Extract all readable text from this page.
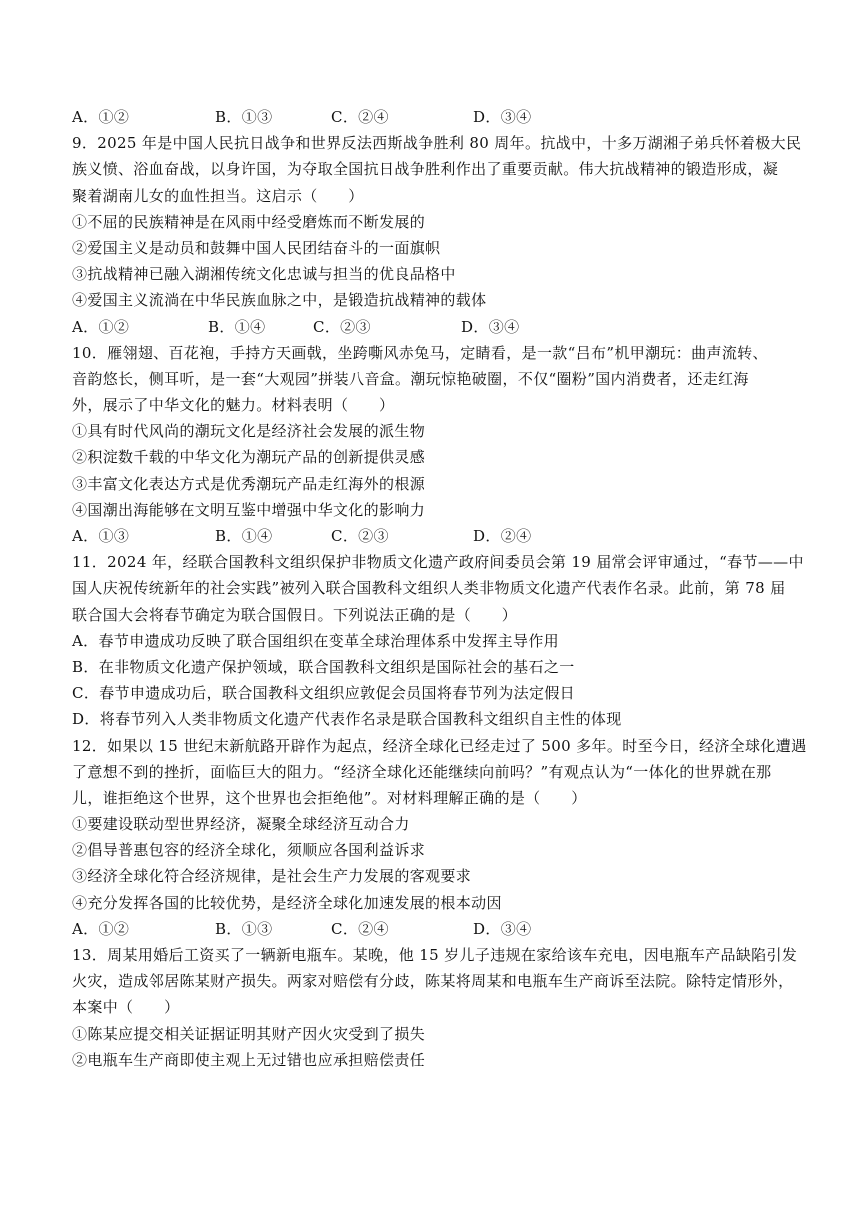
A．①②	B．①③	C．②④	D．③④
9．2025 年是中国人民抗日战争和世界反法西斯战争胜利 80 周年。抗战中，十多万湖湘子弟兵怀着极大民
族义愤、浴血奋战，以身许国，为夺取全国抗日战争胜利作出了重要贡献。伟大抗战精神的锻造形成，凝
聚着湖南儿女的血性担当。这启示（　　）
①不屈的民族精神是在风雨中经受磨炼而不断发展的
②爱国主义是动员和鼓舞中国人民团结奋斗的一面旗帜
③抗战精神已融入湖湘传统文化忠诚与担当的优良品格中
④爱国主义流淌在中华民族血脉之中，是锻造抗战精神的载体
A．①②	B．①④	C．②③	D．③④
10．雁翎翅、百花袍，手持方天画戟，坐跨嘶风赤兔马，定睛看，是一款“吕布”机甲潮玩：曲声流转、
音韵悠长，侧耳听，是一套“大观园”拼装八音盒。潮玩惊艳破圈，不仅“圈粉”国内消费者，还走红海
外，展示了中华文化的魅力。材料表明（　　）
①具有时代风尚的潮玩文化是经济社会发展的派生物
②积淀数千载的中华文化为潮玩产品的创新提供灵感
③丰富文化表达方式是优秀潮玩产品走红海外的根源
④国潮出海能够在文明互鉴中增强中华文化的影响力
A．①③	B．①④	C．②③	D．②④
11．2024 年，经联合国教科文组织保护非物质文化遗产政府间委员会第 19 届常会评审通过，“春节——中
国人庆祝传统新年的社会实践”被列入联合国教科文组织人类非物质文化遗产代表作名录。此前，第 78 届
联合国大会将春节确定为联合国假日。下列说法正确的是（　　）
A．春节申遗成功反映了联合国组织在变革全球治理体系中发挥主导作用
B．在非物质文化遗产保护领域，联合国教科文组织是国际社会的基石之一
C．春节申遗成功后，联合国教科文组织应敦促会员国将春节列为法定假日
D．将春节列入人类非物质文化遗产代表作名录是联合国教科文组织自主性的体现
12．如果以 15 世纪末新航路开辟作为起点，经济全球化已经走过了 500 多年。时至今日，经济全球化遭遇
了意想不到的挫折，面临巨大的阻力。“经济全球化还能继续向前吗？”有观点认为“一体化的世界就在那
儿，谁拒绝这个世界，这个世界也会拒绝他”。对材料理解正确的是（　　）
①要建设联动型世界经济，凝聚全球经济互动合力
②倡导普惠包容的经济全球化，须顺应各国利益诉求
③经济全球化符合经济规律，是社会生产力发展的客观要求
④充分发挥各国的比较优势，是经济全球化加速发展的根本动因
A．①②	B．①③	C．②④	D．③④
13．周某用婚后工资买了一辆新电瓶车。某晚，他 15 岁儿子违规在家给该车充电，因电瓶车产品缺陷引发
火灾，造成邻居陈某财产损失。两家对赔偿有分歧，陈某将周某和电瓶车生产商诉至法院。除特定情形外，
本案中（　　）
①陈某应提交相关证据证明其财产因火灾受到了损失
②电瓶车生产商即使主观上无过错也应承担赔偿责任
